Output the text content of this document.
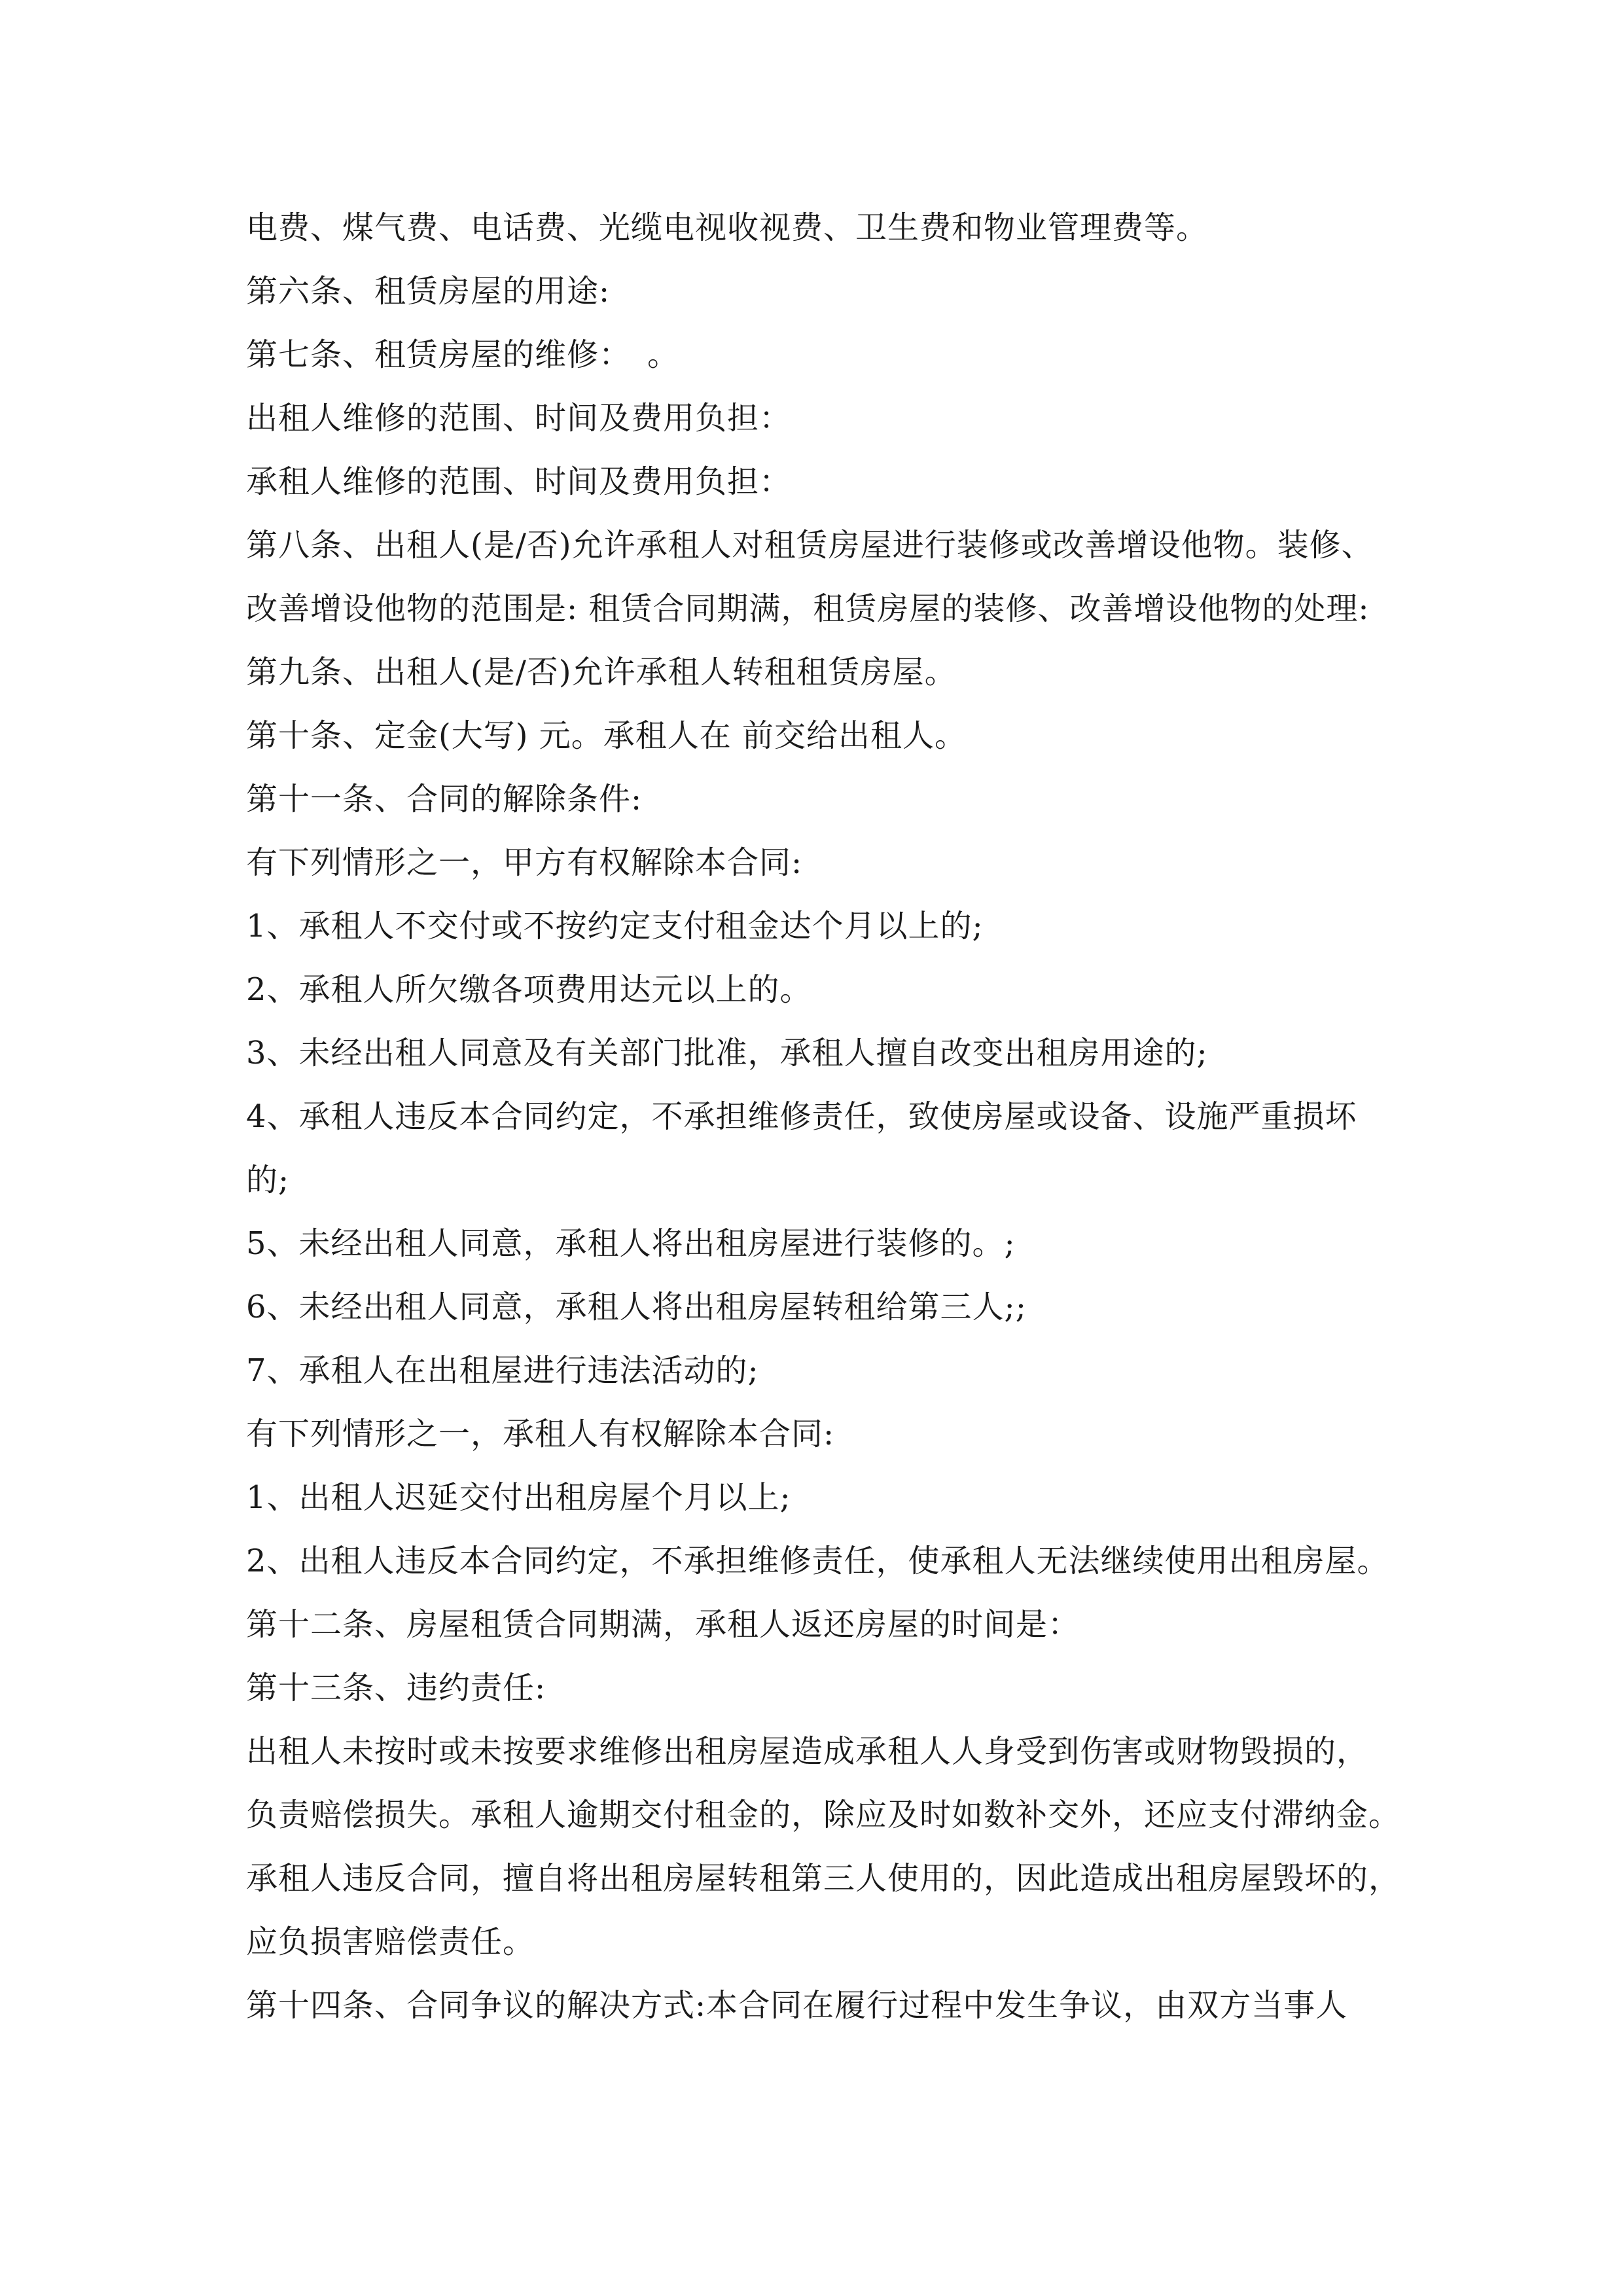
电费、煤气费、电话费、光缆电视收视费、卫生费和物业管理费等。
第六条、租赁房屋的用途:
第七条、租赁房屋的维修：　。
出租人维修的范围、时间及费用负担：
承租人维修的范围、时间及费用负担：
第八条、出租人(是/否)允许承租人对租赁房屋进行装修或改善增设他物。装修、
改善增设他物的范围是: 租赁合同期满，租赁房屋的装修、改善增设他物的处理:
第九条、出租人(是/否)允许承租人转租租赁房屋。
第十条、定金(大写) 元。承租人在 前交给出租人。
第十一条、合同的解除条件:
有下列情形之一，甲方有权解除本合同:
1、承租人不交付或不按约定支付租金达个月以上的;
2、承租人所欠缴各项费用达元以上的。
3、未经出租人同意及有关部门批准，承租人擅自改变出租房用途的;
4、承租人违反本合同约定，不承担维修责任，致使房屋或设备、设施严重损坏
的;
5、未经出租人同意，承租人将出租房屋进行装修的。;
6、未经出租人同意，承租人将出租房屋转租给第三人;;
7、承租人在出租屋进行违法活动的;
有下列情形之一，承租人有权解除本合同:
1、出租人迟延交付出租房屋个月以上;
2、出租人违反本合同约定，不承担维修责任，使承租人无法继续使用出租房屋。
第十二条、房屋租赁合同期满，承租人返还房屋的时间是：
第十三条、违约责任:
出租人未按时或未按要求维修出租房屋造成承租人人身受到伤害或财物毁损的，
负责赔偿损失。承租人逾期交付租金的，除应及时如数补交外，还应支付滞纳金。
承租人违反合同，擅自将出租房屋转租第三人使用的，因此造成出租房屋毁坏的，
应负损害赔偿责任。
第十四条、合同争议的解决方式:本合同在履行过程中发生争议，由双方当事人
